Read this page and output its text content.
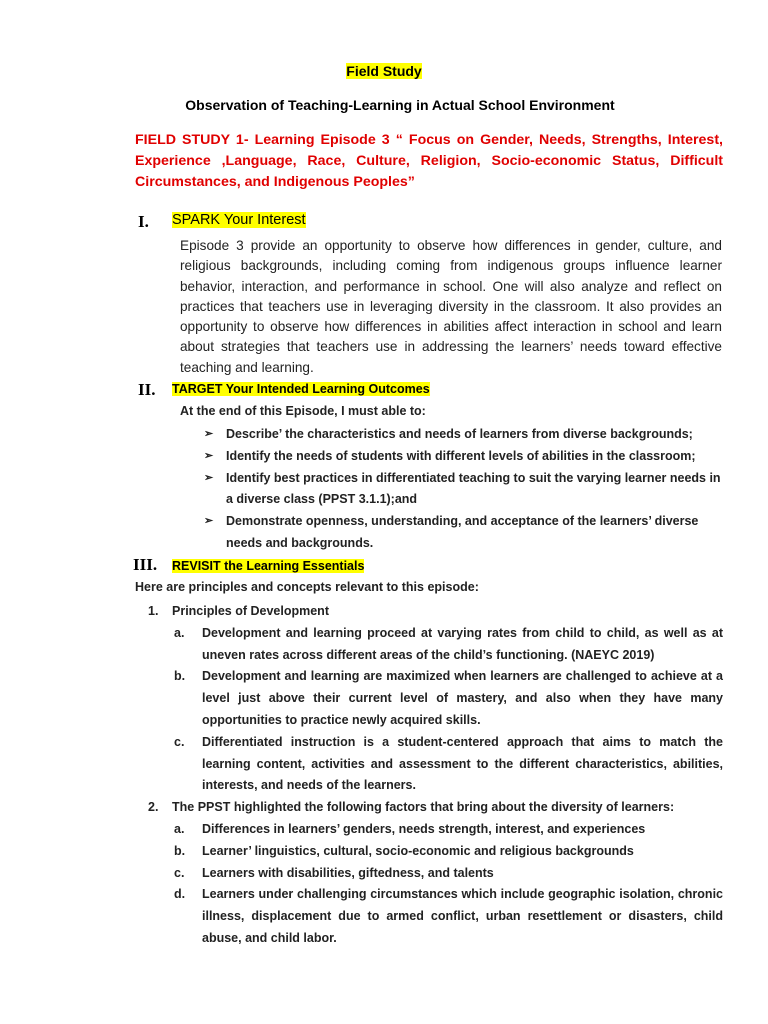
Field Study
Observation of Teaching-Learning in Actual School Environment
FIELD STUDY 1- Learning Episode 3 “ Focus on Gender, Needs, Strengths, Interest, Experience ,Language, Race, Culture, Religion, Socio-economic Status, Difficult Circumstances, and Indigenous Peoples”
I. SPARK Your Interest
Episode 3 provide an opportunity to observe how differences in gender, culture, and religious backgrounds, including coming from indigenous groups influence learner behavior, interaction, and performance in school. One will also analyze and reflect on practices that teachers use in leveraging diversity in the classroom. It also provides an opportunity to observe how differences in abilities affect interaction in school and learn about strategies that teachers use in addressing the learners’ needs toward effective teaching and learning.
II. TARGET Your Intended Learning Outcomes
At the end of this Episode, I must able to:
➢ Describe’ the characteristics and needs of learners from diverse backgrounds;
➢ Identify the needs of students with different levels of abilities in the classroom;
➢ Identify best practices in differentiated teaching to suit the varying learner needs in a diverse class (PPST 3.1.1);and
➢ Demonstrate openness, understanding, and acceptance of the learners’ diverse needs and backgrounds.
III. REVISIT the Learning Essentials
Here are principles and concepts relevant to this episode:
1. Principles of Development
a. Development and learning proceed at varying rates from child to child, as well as at uneven rates across different areas of the child’s functioning. (NAEYC 2019)
b. Development and learning are maximized when learners are challenged to achieve at a level just above their current level of mastery, and also when they have many opportunities to practice newly acquired skills.
c. Differentiated instruction is a student-centered approach that aims to match the learning content, activities and assessment to the different characteristics, abilities, interests, and needs of the learners.
2. The PPST highlighted the following factors that bring about the diversity of learners:
a. Differences in learners’ genders, needs strength, interest, and experiences
b. Learner’ linguistics, cultural, socio-economic and religious backgrounds
c. Learners with disabilities, giftedness, and talents
d. Learners under challenging circumstances which include geographic isolation, chronic illness, displacement due to armed conflict, urban resettlement or disasters, child abuse, and child labor.
